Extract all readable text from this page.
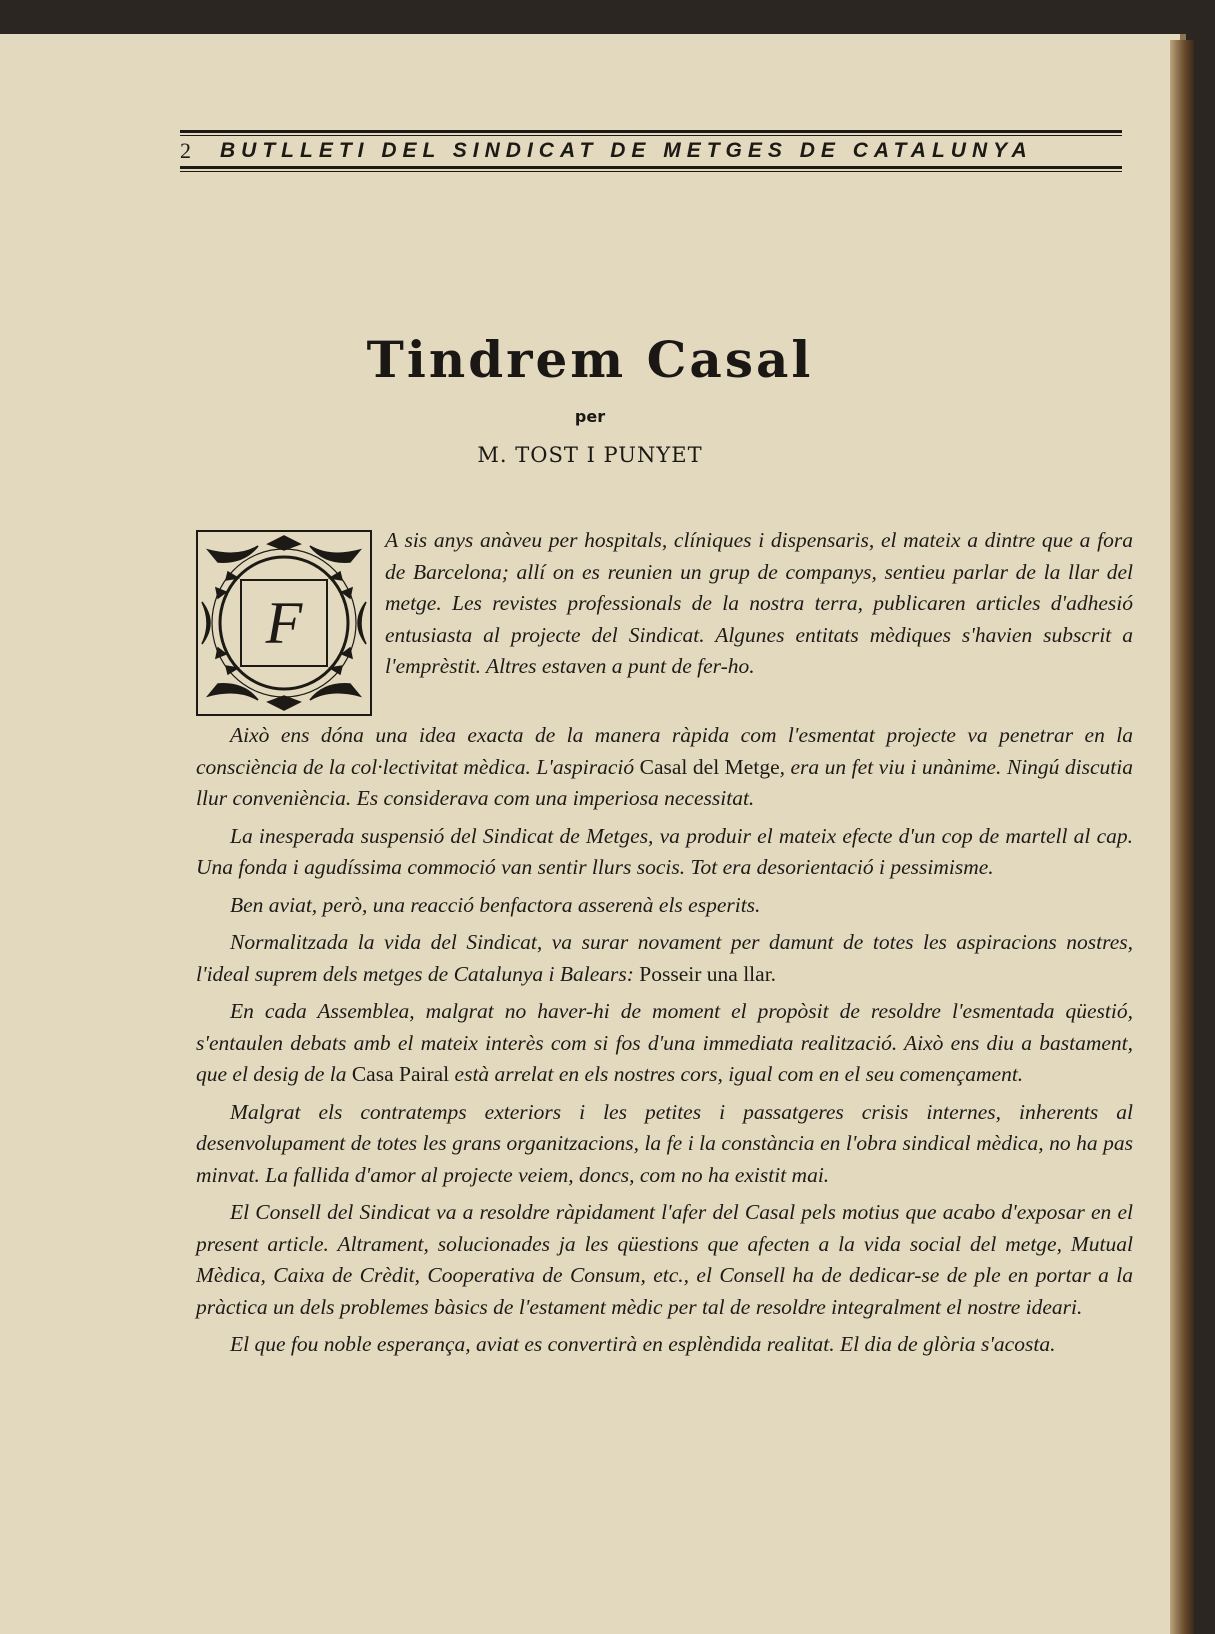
2	BUTLLETI DEL SINDICAT DE METGES DE CATALUNYA
Tindrem Casal
per
M. TOST I PUNYET
F
A sis anys anàveu per hospitals, clíniques i dispensaris, el mateix a dintre que a fora de Barcelona; allí on es reunien un grup de companys, sentieu parlar de la llar del metge. Les revistes professionals de la nostra terra, publicaren articles d'adhesió entusiasta al projecte del Sindicat. Algunes entitats mèdiques s'havien subscrit a l'emprèstit. Altres estaven a punt de fer-ho.

Això ens dóna una idea exacta de la manera ràpida com l'esmentat projecte va penetrar en la consciència de la col·lectivitat mèdica. L'aspiració Casal del Metge, era un fet viu i unànime. Ningú discutia llur conveniència. Es considerava com una imperiosa necessitat.

La inesperada suspensió del Sindicat de Metges, va produir el mateix efecte d'un cop de martell al cap. Una fonda i agudíssima commoció van sentir llurs socis. Tot era desorientació i pessimisme.

Ben aviat, però, una reacció benfactora asserenà els esperits.

Normalitzada la vida del Sindicat, va surar novament per damunt de totes les aspiracions nostres, l'ideal suprem dels metges de Catalunya i Balears: Posseir una llar.

En cada Assemblea, malgrat no haver-hi de moment el propòsit de resoldre l'esmentada qüestió, s'entaulen debats amb el mateix interès com si fos d'una immediata realització. Això ens diu a bastament, que el desig de la Casa Pairal està arrelat en els nostres cors, igual com en el seu començament.

Malgrat els contratemps exteriors i les petites i passatgeres crisis internes, inherents al desenvolupament de totes les grans organitzacions, la fe i la constància en l'obra sindical mèdica, no ha pas minvat. La fallida d'amor al projecte veiem, doncs, com no ha existit mai.

El Consell del Sindicat va a resoldre ràpidament l'afer del Casal pels motius que acabo d'exposar en el present article. Altrament, solucionades ja les qüestions que afecten a la vida social del metge, Mutual Mèdica, Caixa de Crèdit, Cooperativa de Consum, etc., el Consell ha de dedicar-se de ple en portar a la pràctica un dels problemes bàsics de l'estament mèdic per tal de resoldre integralment el nostre ideari.

El que fou noble esperança, aviat es convertirà en esplèndida realitat. El dia de glòria s'acosta.
